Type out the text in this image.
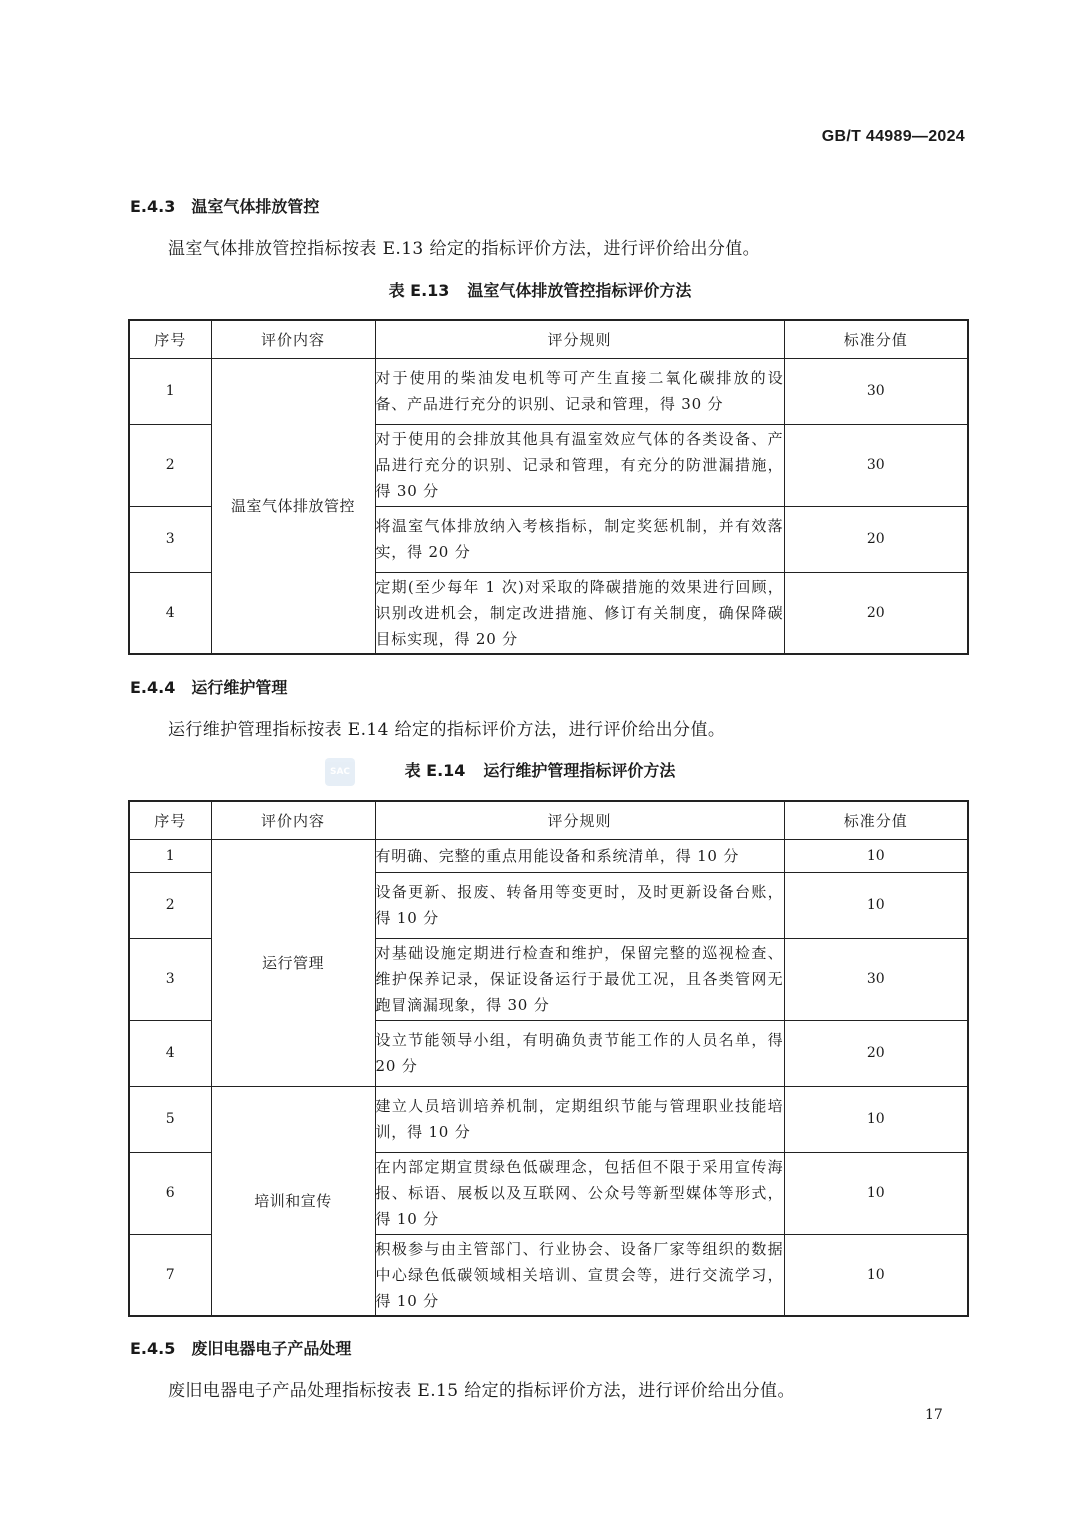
GB/T 44989—2024
E.4.3 温室气体排放管控
温室气体排放管控指标按表 E.13 给定的指标评价方法，进行评价给出分值。
表 E.13 温室气体排放管控指标评价方法
序号	评价内容	评分规则	标准分值
1	温室气体排放管控	对于使用的柴油发电机等可产生直接二氧化碳排放的设备、产品进行充分的识别、记录和管理，得 30 分	30
2		对于使用的会排放其他具有温室效应气体的各类设备、产品进行充分的识别、记录和管理，有充分的防泄漏措施，得 30 分	30
3		将温室气体排放纳入考核指标，制定奖惩机制，并有效落实，得 20 分	20
4		定期(至少每年 1 次)对采取的降碳措施的效果进行回顾，识别改进机会，制定改进措施、修订有关制度，确保降碳目标实现，得 20 分	20
E.4.4 运行维护管理
运行维护管理指标按表 E.14 给定的指标评价方法，进行评价给出分值。
SAC	表 E.14 运行维护管理指标评价方法
序号	评价内容	评分规则	标准分值
1	运行管理	有明确、完整的重点用能设备和系统清单，得 10 分	10
2		设备更新、报废、转备用等变更时，及时更新设备台账，得 10 分	10
3		对基础设施定期进行检查和维护，保留完整的巡视检查、维护保养记录，保证设备运行于最优工况，且各类管网无跑冒滴漏现象，得 30 分	30
4		设立节能领导小组，有明确负责节能工作的人员名单，得 20 分	20
5	培训和宣传	建立人员培训培养机制，定期组织节能与管理职业技能培训，得 10 分	10
6		在内部定期宣贯绿色低碳理念，包括但不限于采用宣传海报、标语、展板以及互联网、公众号等新型媒体等形式，得 10 分	10
7		积极参与由主管部门、行业协会、设备厂家等组织的数据中心绿色低碳领域相关培训、宣贯会等，进行交流学习，得 10 分	10
E.4.5 废旧电器电子产品处理
废旧电器电子产品处理指标按表 E.15 给定的指标评价方法，进行评价给出分值。
17
